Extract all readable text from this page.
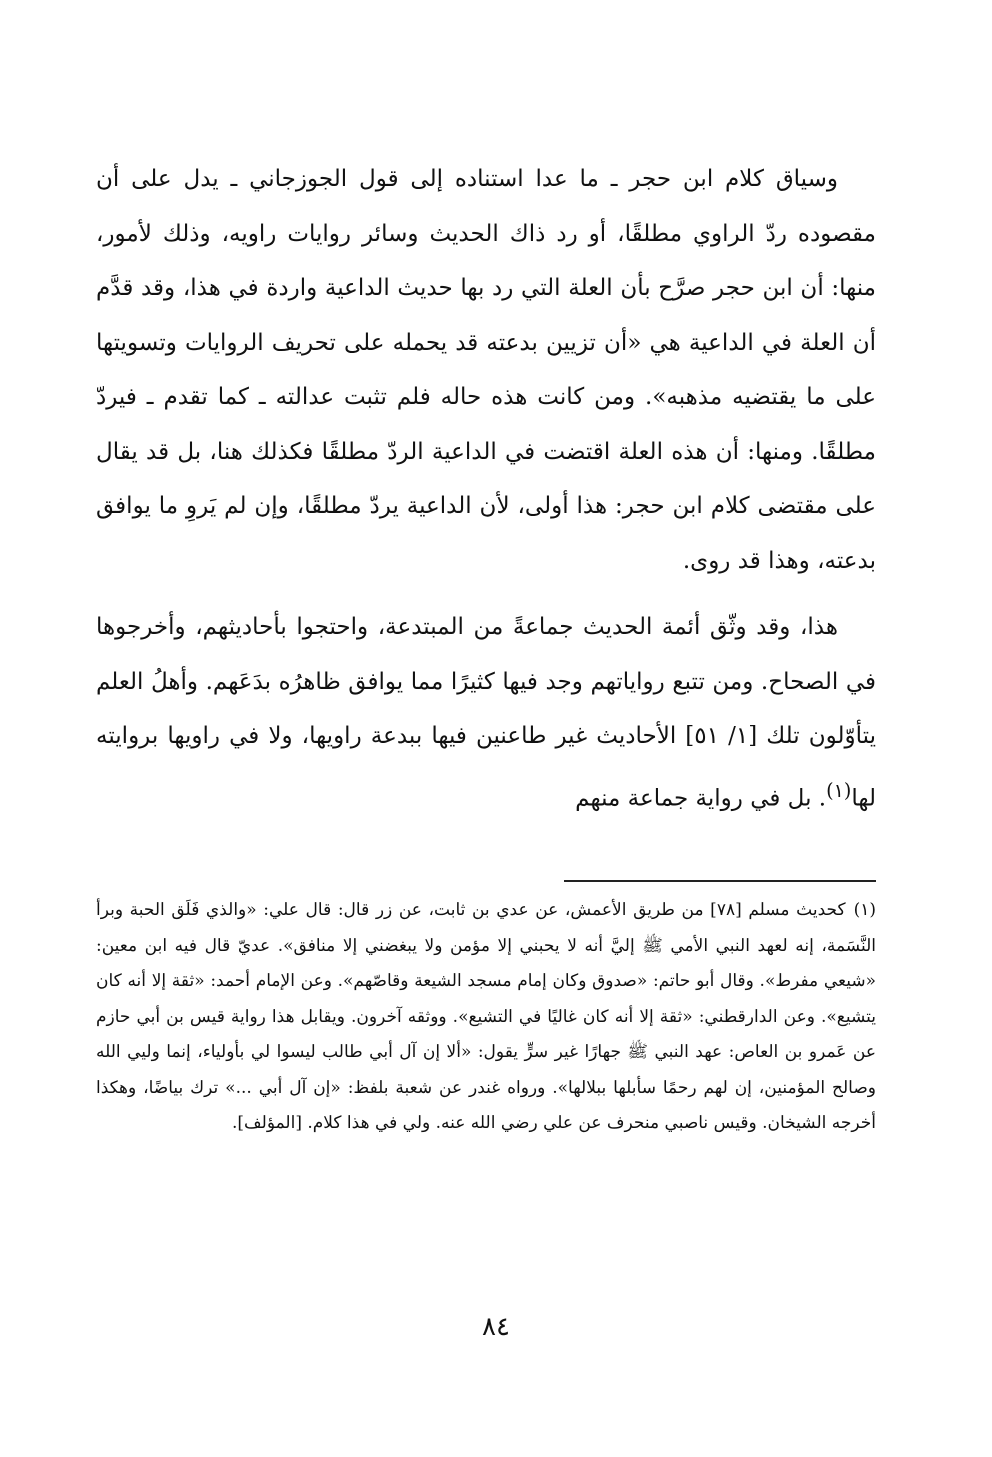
وسياق كلام ابن حجر ـ ما عدا استناده إلى قول الجوزجاني ـ يدل على أن مقصوده ردّ الراوي مطلقًا، أو رد ذاك الحديث وسائر روايات راويه، وذلك لأمور، منها: أن ابن حجر صرَّح بأن العلة التي رد بها حديث الداعية واردة في هذا، وقد قدَّم أن العلة في الداعية هي «أن تزيين بدعته قد يحمله على تحريف الروايات وتسويتها على ما يقتضيه مذهبه». ومن كانت هذه حاله فلم تثبت عدالته ـ كما تقدم ـ فيردّ مطلقًا. ومنها: أن هذه العلة اقتضت في الداعية الردّ مطلقًا فكذلك هنا، بل قد يقال على مقتضى كلام ابن حجر: هذا أولى، لأن الداعية يردّ مطلقًا، وإن لم يَروِ ما يوافق بدعته، وهذا قد روى.

هذا، وقد وثّق أئمة الحديث جماعةً من المبتدعة، واحتجوا بأحاديثهم، وأخرجوها في الصحاح. ومن تتبع رواياتهم وجد فيها كثيرًا مما يوافق ظاهرُه بدَعَهم. وأهلُ العلم يتأوّلون تلك [١/ ٥١] الأحاديث غير طاعنين فيها ببدعة راويها، ولا في راويها بروايته لها$^{(١)}$. بل في رواية جماعة منهم

(١)كحديث مسلم [٧٨] من طريق الأعمش، عن عدي بن ثابت، عن زر قال: قال علي: «والذي فَلَق الحبة وبرأ النَّسَمة، إنه لعهد النبي الأمي ﷺ إليَّ أنه لا يحبني إلا مؤمن ولا يبغضني إلا منافق». عديّ قال فيه ابن معين: «شيعي مفرط». وقال أبو حاتم: «صدوق وكان إمام مسجد الشيعة وقاصّهم». وعن الإمام أحمد: «ثقة إلا أنه كان يتشيع». وعن الدارقطني: «ثقة إلا أنه كان غاليًا في التشيع». ووثقه آخرون. ويقابل هذا رواية قيس بن أبي حازم عن عَمرو بن العاص: عهد النبي ﷺ جهارًا غير سرٍّ يقول: «ألا إن آل أبي طالب ليسوا لي بأولياء، إنما وليي الله وصالح المؤمنين، إن لهم رحمًا سأبلها ببلالها». ورواه غندر عن شعبة بلفظ: «إن آل أبي ...» ترك بياضًا، وهكذا أخرجه الشيخان. وقيس ناصبي منحرف عن علي رضي الله عنه. ولي في هذا كلام. [المؤلف].
٨٤
